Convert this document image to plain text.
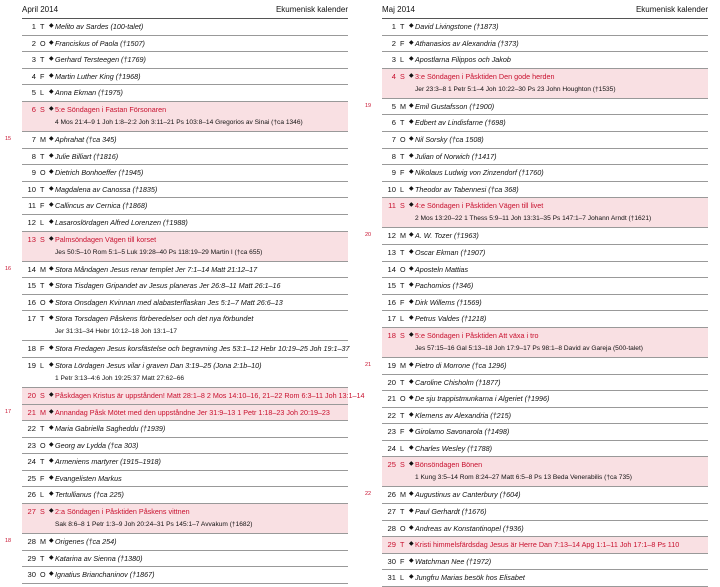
April 2014	Ekumenisk kalender
1 T ◆ Melito av Sardes (100-talet)
2 O ◆ Franciskus of Paola (†1507)
3 T ◆ Gerhard Tersteegen (†1769)
4 F ◆ Martin Luther King (†1968)
5 L ◆ Anna Ekman (†1975)
6 S ◆ 5:e Söndagen i Fastan Försonaren
4 Mos 21:4–9 1 Joh 1:8–2:2 Joh 3:11–21 Ps 103:8–14 Gregorios av Sinai (†ca 1346)
15	7 M ◆ Aphrahat (†ca 345)
8 T ◆ Julie Billiart (†1816)
9 O ◆ Dietrich Bonhoeffer (†1945)
10 T ◆ Magdalena av Canossa (†1835)
11 F ◆ Callincus av Cernica (†1868)
12 L ◆ Lasaroslördagen Alfred Lorenzen (†1988)
13 S ◆ Palmsöndagen Vägen till korset
Jes 50:5–10 Rom 5:1–5 Luk 19:28–40 Ps 118:19–29 Martin I (†ca 655)
16	14 M ◆ Stora Måndagen Jesus renar templet Jer 7:1–14 Matt 21:12–17
15 T ◆ Stora Tisdagen Gripandet av Jesus planeras Jer 26:8–11 Matt 26:1–16
16 O ◆ Stora Onsdagen Kvinnan med alabasterflaskan Jes 5:1–7 Matt 26:6–13
17 T ◆ Stora Torsdagen Påskens förberedelser och det nya förbundet
Jer 31:31–34 Hebr 10:12–18 Joh 13:1–17
18 F ◆ Stora Fredagen Jesus korsfästelse och begravning Jes 53:1–12 Hebr 10:19–25 Joh 19:1–37
19 L ◆ Stora Lördagen Jesus vilar i graven Dan 3:19–25 (Jona 2:1b–10)
1 Petr 3:13–4:6 Joh 19:25:37 Matt 27:62–66
20 S ◆ Påskdagen Kristus är uppstånden! Matt 28:1–8 2 Mos 14:10–16, 21–22 Rom 6:3–11 Joh 13:1–14
17	21 M ◆ Annandag Påsk Mötet med den uppståndne Jer 31:9–13 1 Petr 1:18–23 Joh 20:19–23
22 T ◆ Maria Gabriella Sagheddu (†1939)
23 O ◆ Georg av Lydda (†ca 303)
24 T ◆ Armeniens martyrer (1915–1918)
25 F ◆ Evangelisten Markus
26 L ◆ Tertullianus (†ca 225)
27 S ◆ 2:a Söndagen i Påsktiden Påskens vittnen
Sak 8:6–8 1 Petr 1:3–9 Joh 20:24–31 Ps 145:1–7 Avvakum (†1682)
18	28 M ◆ Origenes (†ca 254)
29 T ◆ Katarina av Sienna (†1380)
30 O ◆ Ignatius Brianchaninov (†1867)
Maj 2014	Ekumenisk kalender
1 T ◆ David Livingstone (†1873)
2 F ◆ Athanasios av Alexandria (†373)
3 L ◆ Apostlarna Filippos och Jakob
4 S ◆ 3:e Söndagen i Påsktiden Den gode herden
Jer 23:3–8 1 Petr 5:1–4 Joh 10:22–30 Ps 23 John Houghton (†1535)
19	5 M ◆ Emil Gustafsson (†1900)
6 T ◆ Edbert av Lindisfarne (†698)
7 O ◆ Nil Sorsky (†ca 1508)
8 T ◆ Julian of Norwich (†1417)
9 F ◆ Nikolaus Ludwig von Zinzendorf (†1760)
10 L ◆ Theodor av Tabennesi (†ca 368)
11 S ◆ 4:e Söndagen i Påsktiden Vägen till livet
2 Mos 13:20–22 1 Thess 5:9–11 Joh 13:31–35 Ps 147:1–7 Johann Arndt (†1621)
20	12 M ◆ A. W. Tozer (†1963)
13 T ◆ Oscar Ekman (†1907)
14 O ◆ Aposteln Mattias
15 T ◆ Pachomios (†346)
16 F ◆ Dirk Willems (†1569)
17 L ◆ Petrus Valdes (†1218)
18 S ◆ 5:e Söndagen i Påsktiden Att växa i tro
Jes 57:15–16 Gal 5:13–18 Joh 17:9–17 Ps 98:1–8 David av Gareja (500-talet)
21	19 M ◆ Pietro di Morrone (†ca 1296)
20 T ◆ Caroline Chisholm (†1877)
21 O ◆ De sju trappistmunkarna i Algeriet (†1996)
22 T ◆ Klemens av Alexandria (†215)
23 F ◆ Girolamo Savonarola (†1498)
24 L ◆ Charles Wesley (†1788)
25 S ◆ Bönsöndagen Bönen
1 Kung 3:5–14 Rom 8:24–27 Matt 6:5–8 Ps 13 Beda Venerabilis (†ca 735)
22	26 M ◆ Augustinus av Canterbury (†604)
27 T ◆ Paul Gerhardt (†1676)
28 O ◆ Andreas av Konstantinopel (†936)
29 T ◆ Kristi himmelsfärdsdag Jesus är Herre Dan 7:13–14 Apg 1:1–11 Joh 17:1–8 Ps 110
30 F ◆ Watchman Nee (†1972)
31 L ◆ Jungfru Marias besök hos Elisabet
